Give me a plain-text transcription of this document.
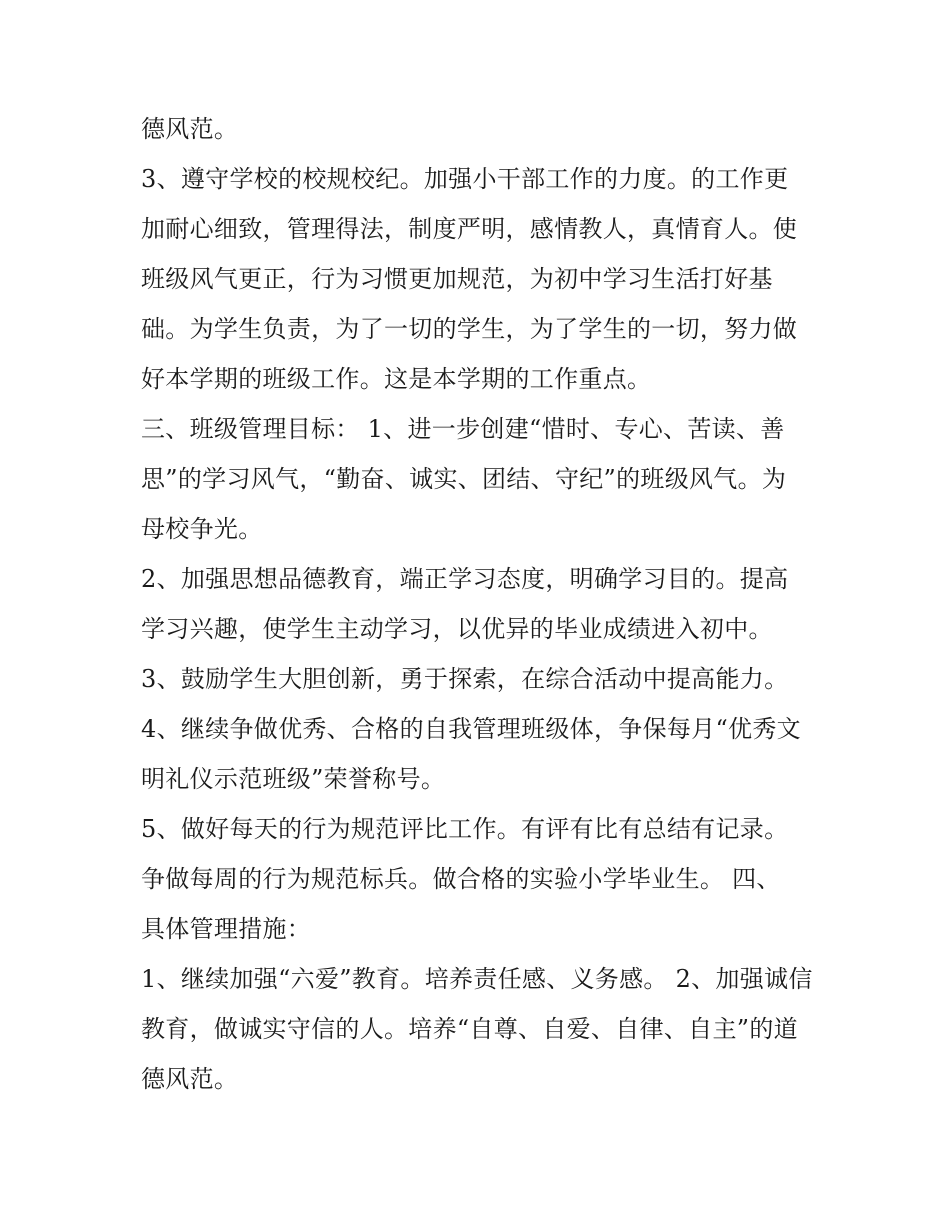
德风范。

3、遵守学校的校规校纪。加强小干部工作的力度。的工作更
加耐心细致，管理得法，制度严明，感情教人，真情育人。使
班级风气更正，行为习惯更加规范，为初中学习生活打好基
础。为学生负责，为了一切的学生，为了学生的一切，努力做
好本学期的班级工作。这是本学期的工作重点。

三、班级管理目标： 1、进一步创建“惜时、专心、苦读、善
思”的学习风气，“勤奋、诚实、团结、守纪”的班级风气。为
母校争光。

2、加强思想品德教育，端正学习态度，明确学习目的。提高
学习兴趣，使学生主动学习，以优异的毕业成绩进入初中。

3、鼓励学生大胆创新，勇于探索，在综合活动中提高能力。

4、继续争做优秀、合格的自我管理班级体，争保每月“优秀文
明礼仪示范班级”荣誉称号。

5、做好每天的行为规范评比工作。有评有比有总结有记录。
争做每周的行为规范标兵。做合格的实验小学毕业生。 四、
具体管理措施：

1、继续加强“六爱”教育。培养责任感、义务感。 2、加强诚信
教育，做诚实守信的人。培养“自尊、自爱、自律、自主”的道
德风范。
